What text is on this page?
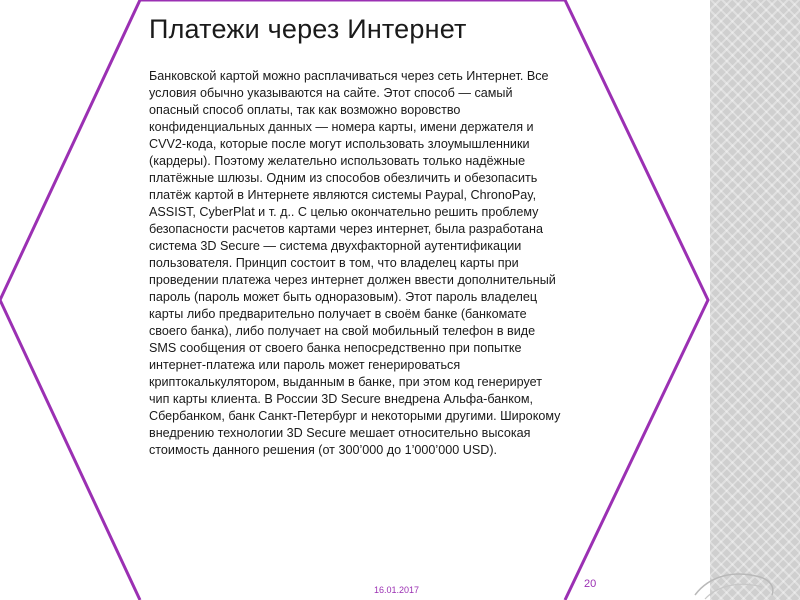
Платежи через Интернет

Банковской картой можно расплачиваться через сеть Интернет. Все условия обычно указываются на сайте. Этот способ — самый опасный способ оплаты, так как возможно воровство конфиденциальных данных — номера карты, имени держателя и CVV2-кода, которые после могут использовать злоумышленники (кардеры). Поэтому желательно использовать только надёжные платёжные шлюзы. Одним из способов обезличить и обезопасить платёж картой в Интернете являются системы Paypal, ChronoPay, ASSIST, CyberPlat и т. д.. С целью окончательно решить проблему безопасности расчетов картами через интернет, была разработана система 3D Secure — система двухфакторной аутентификации пользователя. Принцип состоит в том, что владелец карты при проведении платежа через интернет должен ввести дополнительный пароль (пароль может быть одноразовым). Этот пароль владелец карты либо предварительно получает в своём банке (банкомате своего банка), либо получает на свой мобильный телефон в виде SMS сообщения от своего банка непосредственно при попытке интернет-платежа или пароль может генерироваться криптокалькулятором, выданным в банке, при этом код генерирует чип карты клиента. В России 3D Secure внедрена Альфа-банком, Сбербанком, банк Санкт-Петербург и некоторыми другими. Широкому внедрению технологии 3D Secure мешает относительно высокая стоимость данного решения (от 300’000 до 1’000’000 USD).

16.01.2017	20
